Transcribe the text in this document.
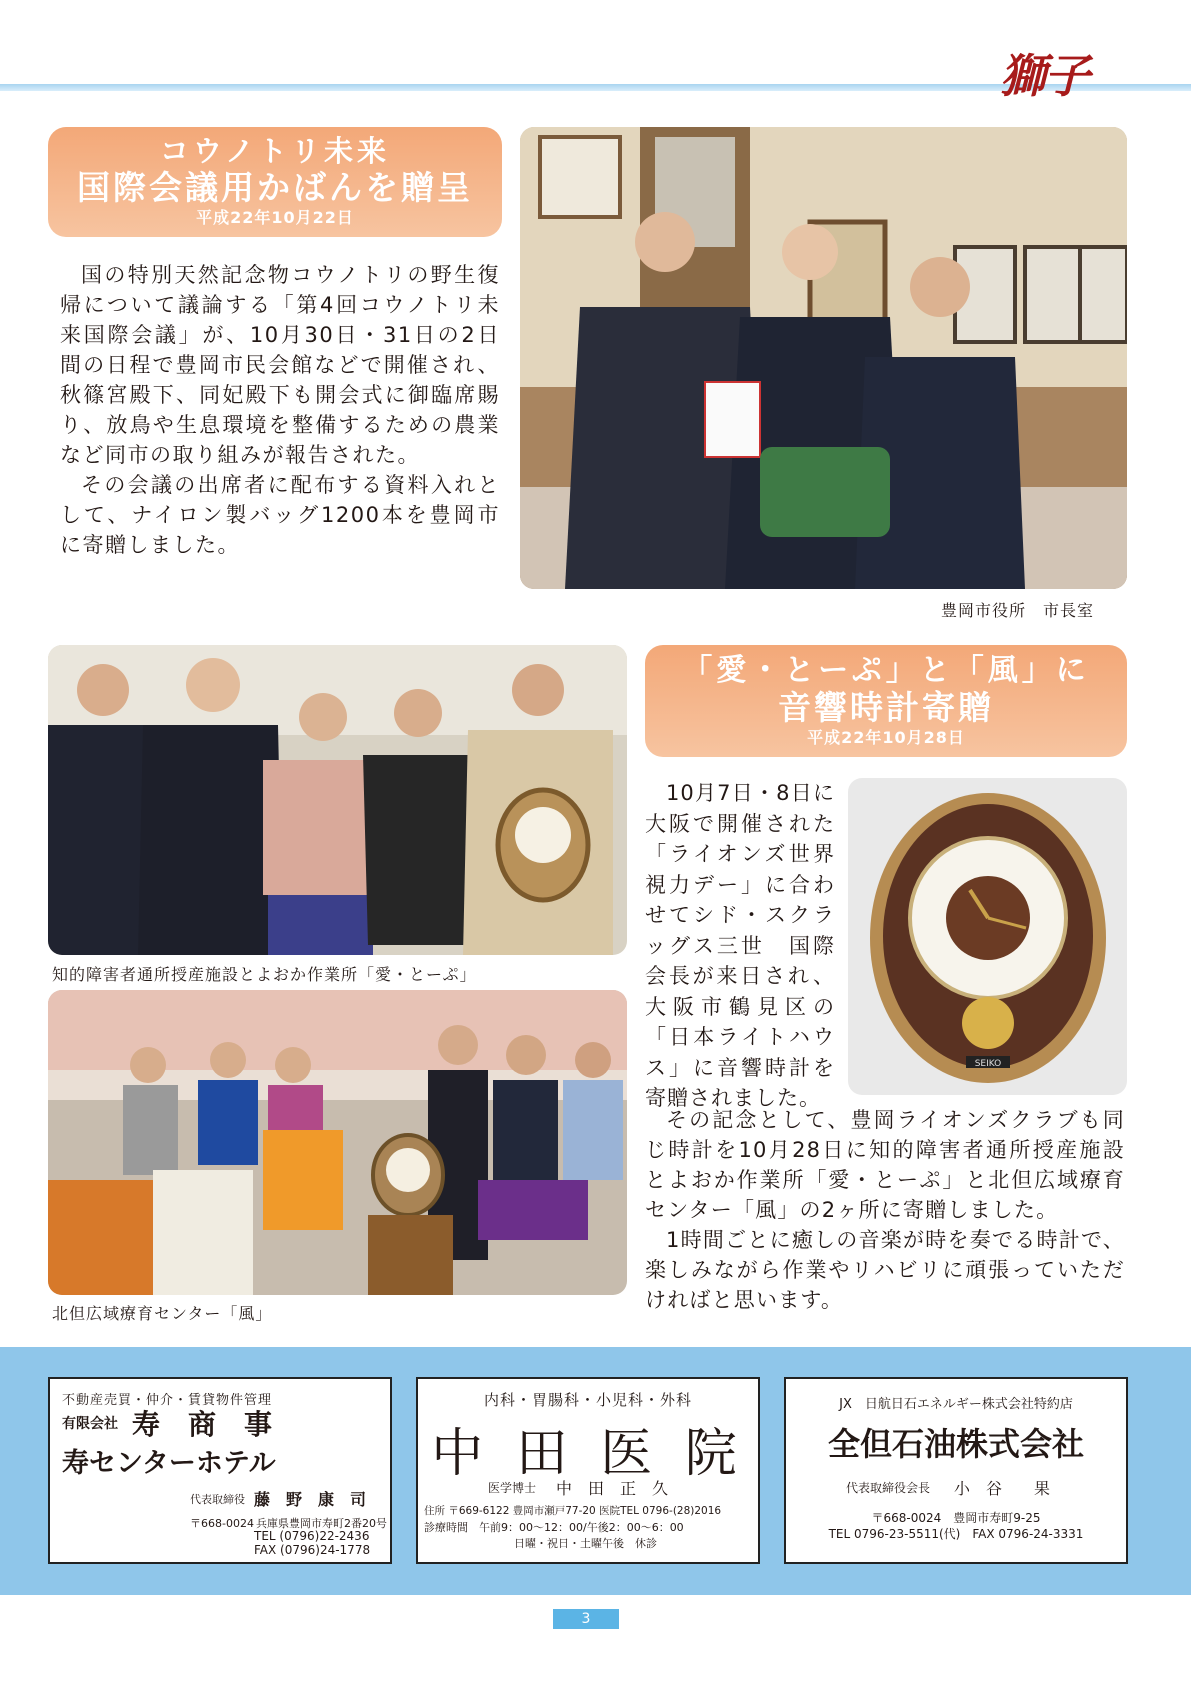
獅子
コウノトリ未来
国際会議用かばんを贈呈
平成22年10月22日

国の特別天然記念物コウノトリの野生復帰について議論する「第4回コウノトリ未来国際会議」が、10月30日・31日の2日間の日程で豊岡市民会館などで開催され、秋篠宮殿下、同妃殿下も開会式に御臨席賜り、放鳥や生息環境を整備するための農業など同市の取り組みが報告された。

その会議の出席者に配布する資料入れとして、ナイロン製バッグ1200本を豊岡市に寄贈しました。

豊岡市役所　市長室
「愛・とーぷ」と「風」に
音響時計寄贈
平成22年10月28日
知的障害者通所授産施設とよおか作業所「愛・とーぷ」
北但広域療育センター「風」

10月7日・8日に大阪で開催された「ライオンズ世界視力デー」に合わせてシド・スクラッグス三世　国際会長が来日され、大阪市鶴見区の「日本ライトハウス」に音響時計を寄贈されました。

SEIKO

その記念として、豊岡ライオンズクラブも同じ時計を10月28日に知的障害者通所授産施設とよおか作業所「愛・とーぷ」と北但広域療育センター「風」の2ヶ所に寄贈しました。

1時間ごとに癒しの音楽が時を奏でる時計で、楽しみながら作業やリハビリに頑張っていただければと思います。

不動産売買・仲介・賃貸物件管理
有限会社 寿　商　事
寿センターホテル
代表取締役 藤　野　康　司
〒668-0024 兵庫県豊岡市寿町2番20号
TEL (0796)22-2436
FAX (0796)24-1778
内科・胃腸科・小児科・外科
中 田 医 院
医学博士 中　田　正　久
住所 〒669-6122 豊岡市瀬戸77-20 医院TEL 0796-(28)2016
診療時間　午前9：00～12：00/午後2：00～6：00
日曜・祝日・土曜午後　休診
JX　日航日石エネルギー株式会社特約店
全但石油株式会社
代表取締役会長 小　谷　　果
〒668-0024　豊岡市寿町9-25
TEL 0796-23-5511(代)　FAX 0796-24-3331
3
